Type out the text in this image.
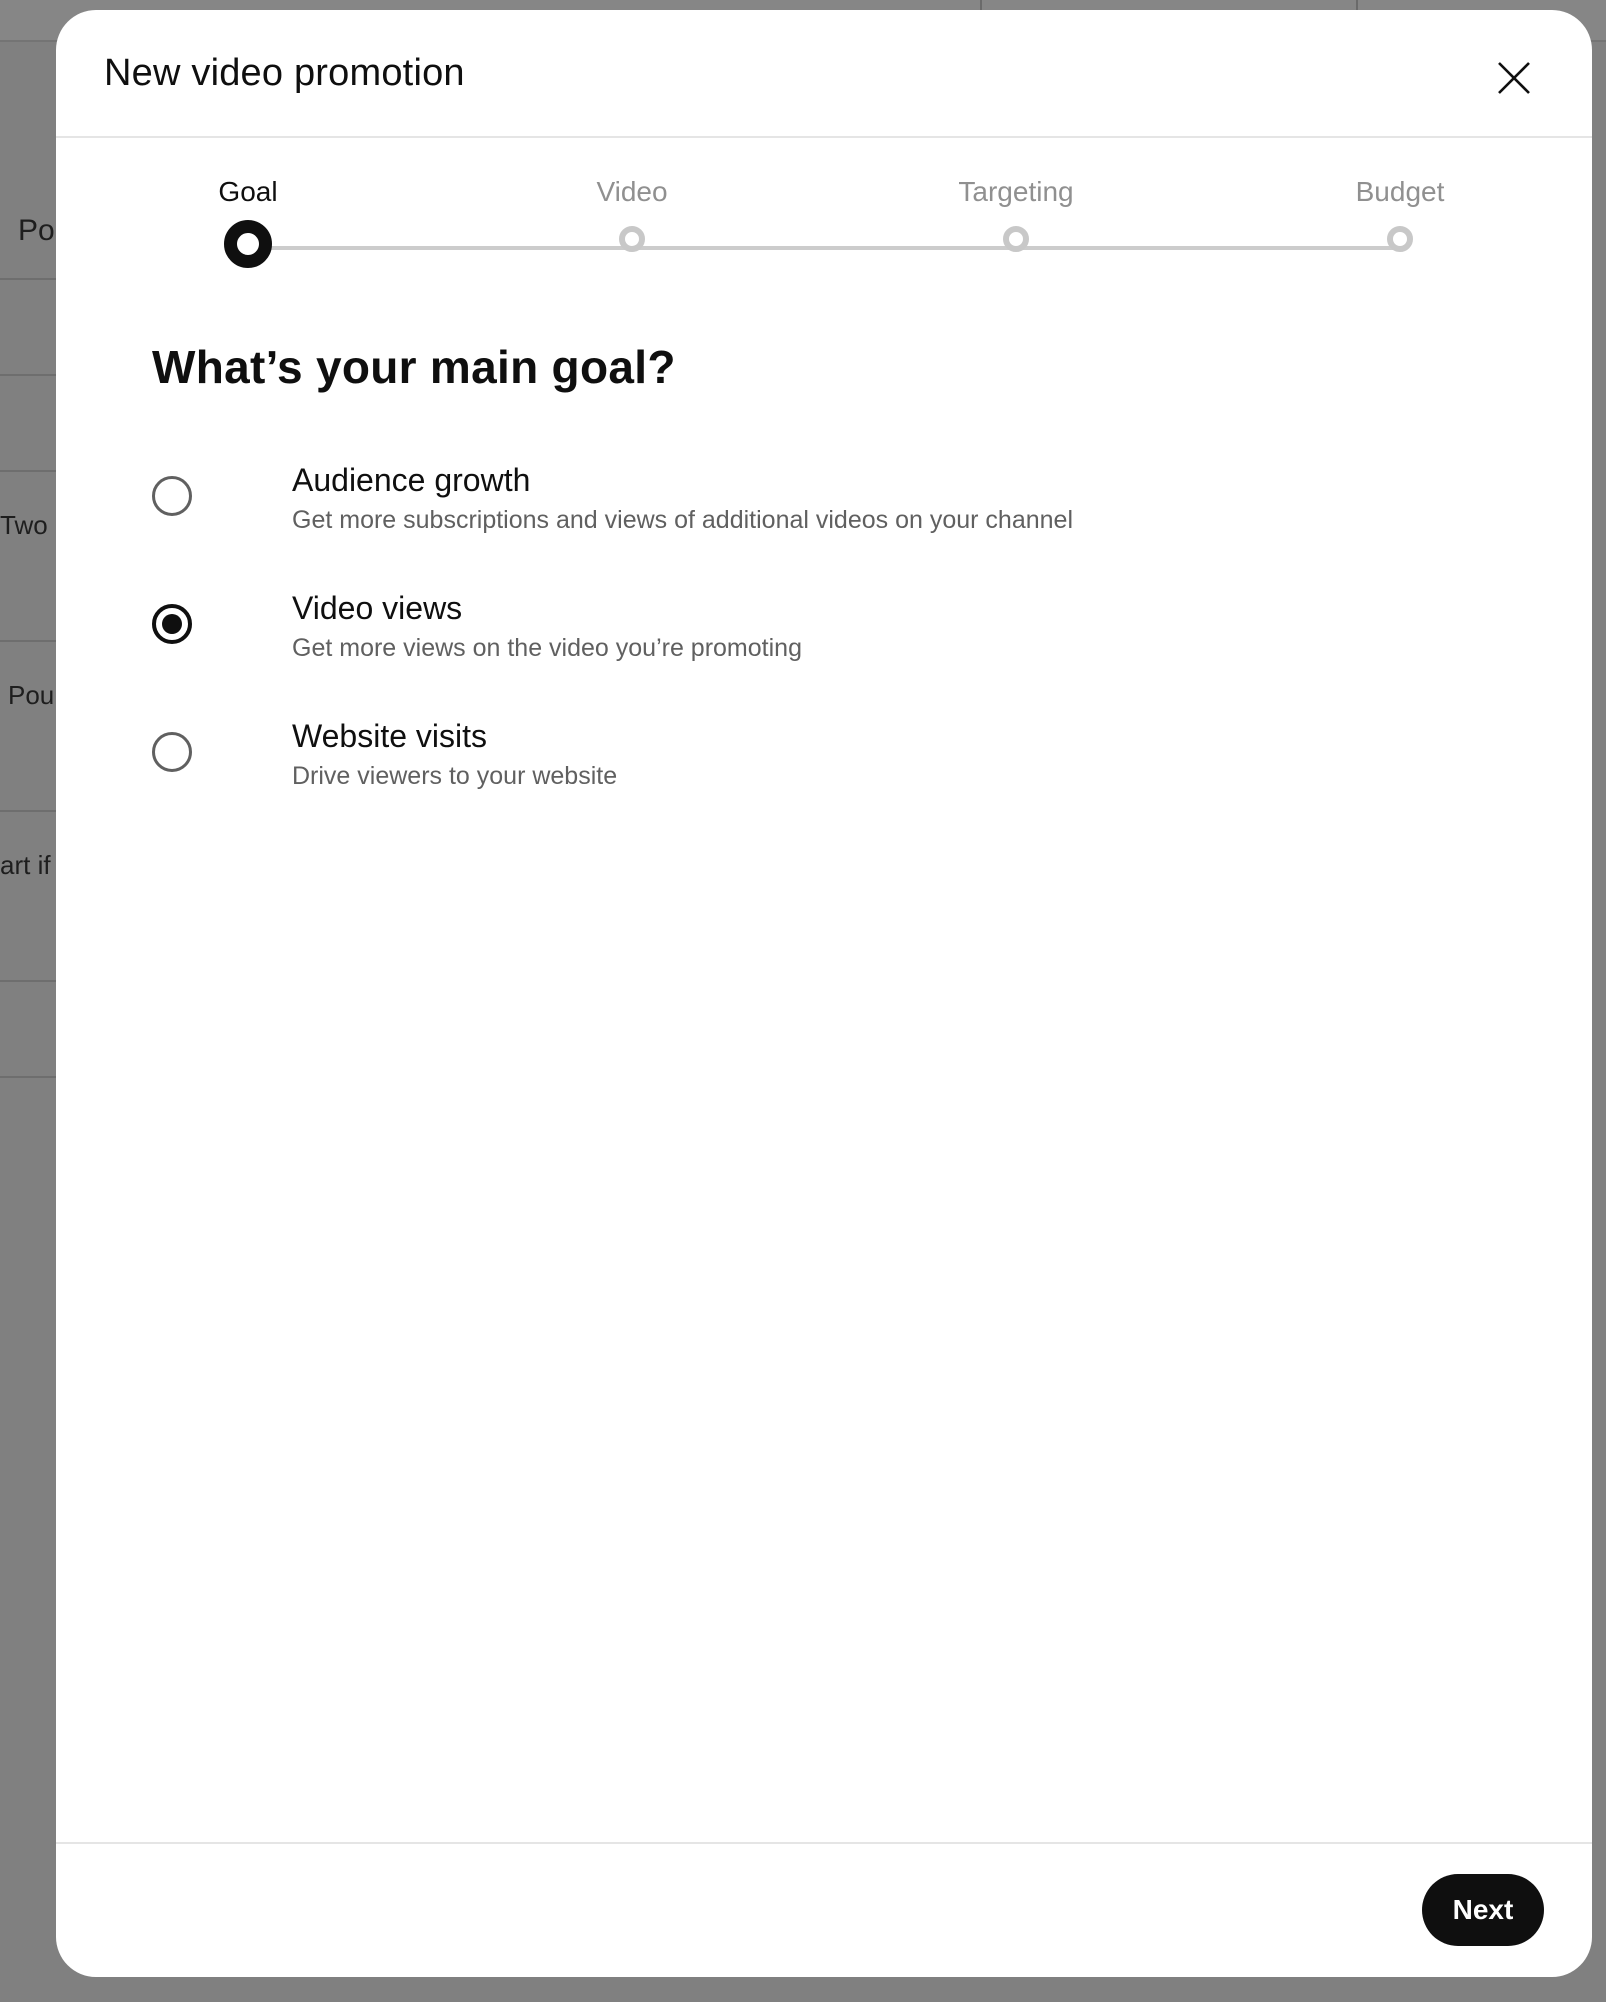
Po
Two
Pou
art if
New video promotion
Goal	Video	Targeting	Budget
What’s your main goal?
Audience growth
Get more subscriptions and views of additional videos on your channel
Video views
Get more views on the video you’re promoting
Website visits
Drive viewers to your website
Next
